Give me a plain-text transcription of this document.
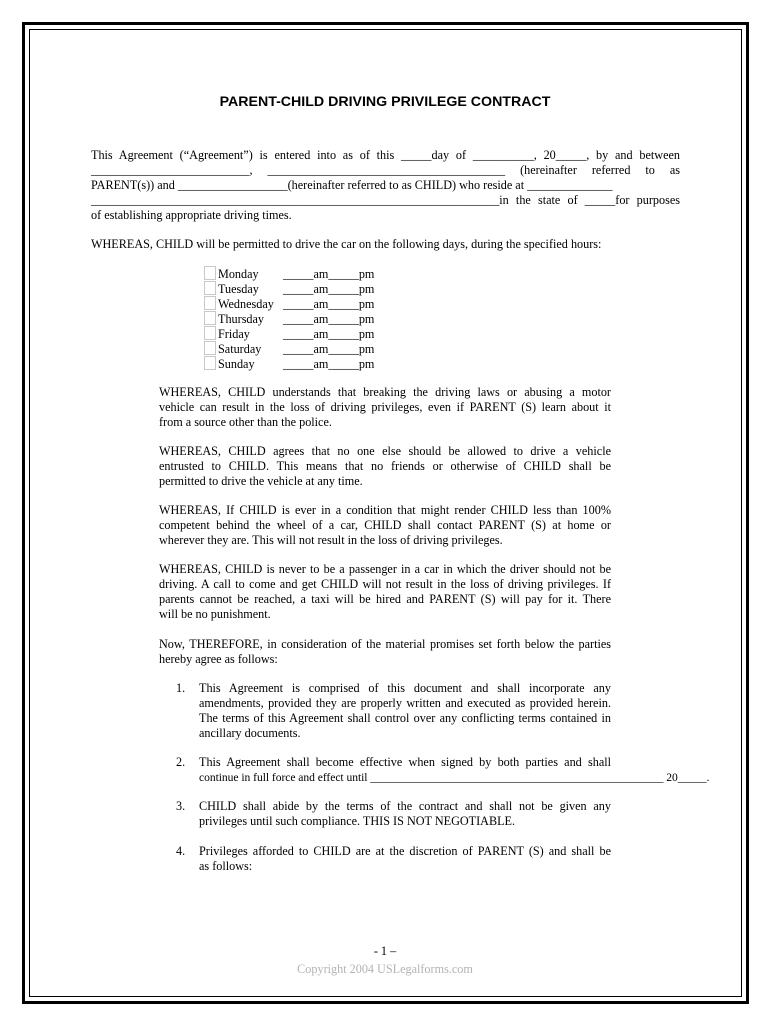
PARENT-CHILD DRIVING PRIVILEGE CONTRACT
This Agreement (“Agreement”) is entered into as of this _____day of __________, 20_____, by and between
__________________________, _______________________________________ (hereinafter referred to as
PARENT(s)) and __________________(hereinafter referred to as CHILD) who reside at ______________
___________________________________________________________________in the state of _____for purposes
of establishing appropriate driving times.
WHEREAS, CHILD will be permitted to drive the car on the following days, during the specified hours:
Monday _____am_____pm
Tuesday _____am_____pm
Wednesday _____am_____pm
Thursday _____am_____pm
Friday	_____am_____pm
Saturday _____am_____pm
Sunday _____am_____pm
WHEREAS, CHILD understands that breaking the driving laws or abusing a motor
vehicle can result in the loss of driving privileges, even if PARENT (S) learn about it
from a source other than the police.
WHEREAS, CHILD agrees that no one else should be allowed to drive a vehicle
entrusted to CHILD. This means that no friends or otherwise of CHILD shall be
permitted to drive the vehicle at any time.
WHEREAS, If CHILD is ever in a condition that might render CHILD less than 100%
competent behind the wheel of a car, CHILD shall contact PARENT (S) at home or
wherever they are. This will not result in the loss of driving privileges.
WHEREAS, CHILD is never to be a passenger in a car in which the driver should not be
driving. A call to come and get CHILD will not result in the loss of driving privileges. If
parents cannot be reached, a taxi will be hired and PARENT (S) will pay for it. There
will be no punishment.
Now, THEREFORE, in consideration of the material promises set forth below the parties
hereby agree as follows:
1. This Agreement is comprised of this document and shall incorporate any
amendments, provided they are properly written and executed as provided herein.
The terms of this Agreement shall control over any conflicting terms contained in
ancillary documents.
2. This Agreement shall become effective when signed by both parties and shall
continue in full force and effect until ___________________________________________________ 20_____.
3. CHILD shall abide by the terms of the contract and shall not be given any
privileges until such compliance. THIS IS NOT NEGOTIABLE.
4. Privileges afforded to CHILD are at the discretion of PARENT (S) and shall be
as follows:
- 1 –
Copyright 2004 USLegalforms.com
